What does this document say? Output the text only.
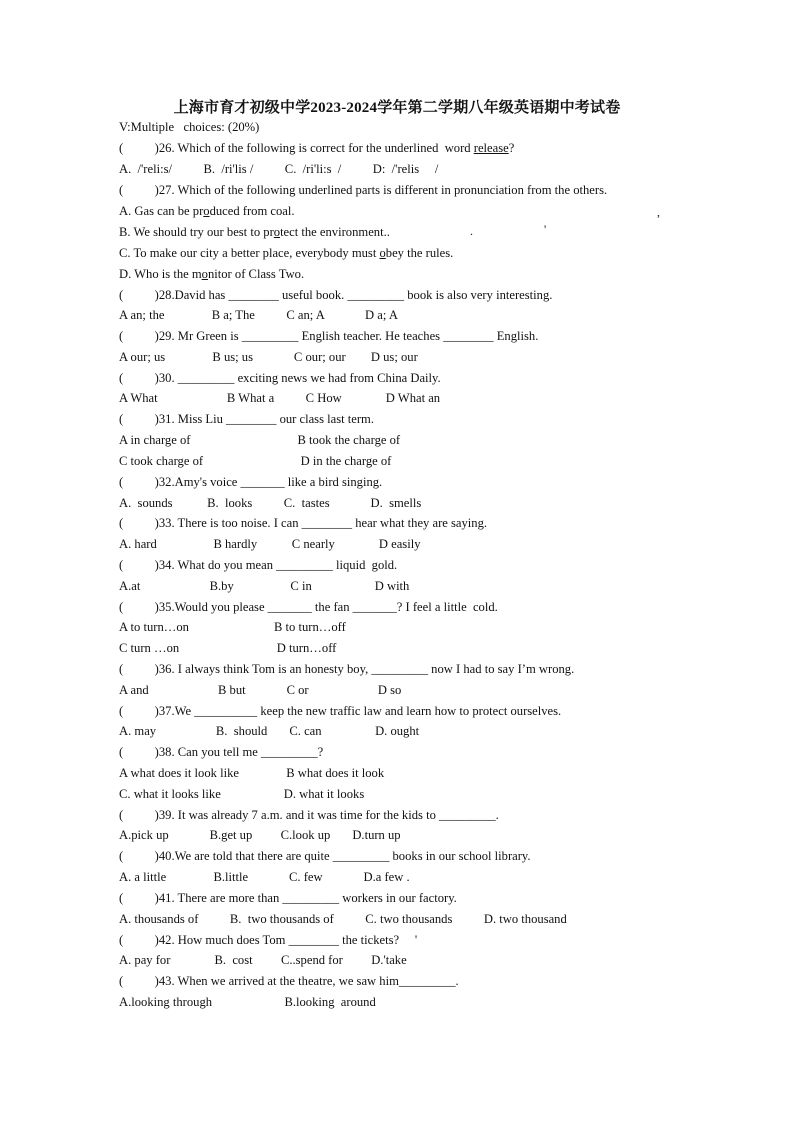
上海市育才初级中学2023-2024学年第二学期八年级英语期中考试卷
V:Multiple   choices: (20%)
(          )26. Which of the following is correct for the underlined  word release?
A.  /'reli:s/          B.  /ri'lis /          C.  /ri'li:s  /          D:  /'relis     /
(          )27. Which of the following underlined parts is different in pronunciation from the others.
A. Gas can be produced from coal.	,
B. We should try our best to protect the environment..	.	'
C. To make our city a better place, everybody must obey the rules.
D. Who is the monitor of Class Two.
(          )28.David has ________ useful book. _________ book is also very interesting.
A an; the               B a; The          C an; A             D a; A
(          )29. Mr Green is _________ English teacher. He teaches ________ English.
A our; us               B us; us             C our; our        D us; our
(          )30. _________ exciting news we had from China Daily.
A What                      B What a          C How              D What an
(          )31. Miss Liu ________ our class last term.
A in charge of                                  B took the charge of
C took charge of                               D in the charge of
(          )32.Amy's voice _______ like a bird singing.
A.  sounds           B.  looks          C.  tastes             D.  smells
(          )33. There is too noise. I can ________ hear what they are saying.
A. hard                  B hardly           C nearly              D easily
(          )34. What do you mean _________ liquid  gold.
A.at                      B.by                  C in                    D with
(          )35.Would you please _______ the fan _______? I feel a little  cold.
A to turn…on                           B to turn…off
C turn …on                               D turn…off
(          )36. I always think Tom is an honesty boy, _________ now I had to say I’m wrong.
A and                      B but             C or                      D so
(          )37.We __________ keep the new traffic law and learn how to protect ourselves.
A. may                   B.  should       C. can                 D. ought
(          )38. Can you tell me _________?
A what does it look like               B what does it look
C. what it looks like                    D. what it looks
(          )39. It was already 7 a.m. and it was time for the kids to _________.
A.pick up             B.get up         C.look up       D.turn up
(          )40.We are told that there are quite _________ books in our school library.
A. a little               B.little             C. few             D.a few .
(          )41. There are more than _________ workers in our factory.
A. thousands of          B.  two thousands of          C. two thousands          D. two thousand
(          )42. How much does Tom ________ the tickets?     '
A. pay for              B.  cost         C..spend for         D.'take
(          )43. When we arrived at the theatre, we saw him_________.
A.looking through                       B.looking  around
